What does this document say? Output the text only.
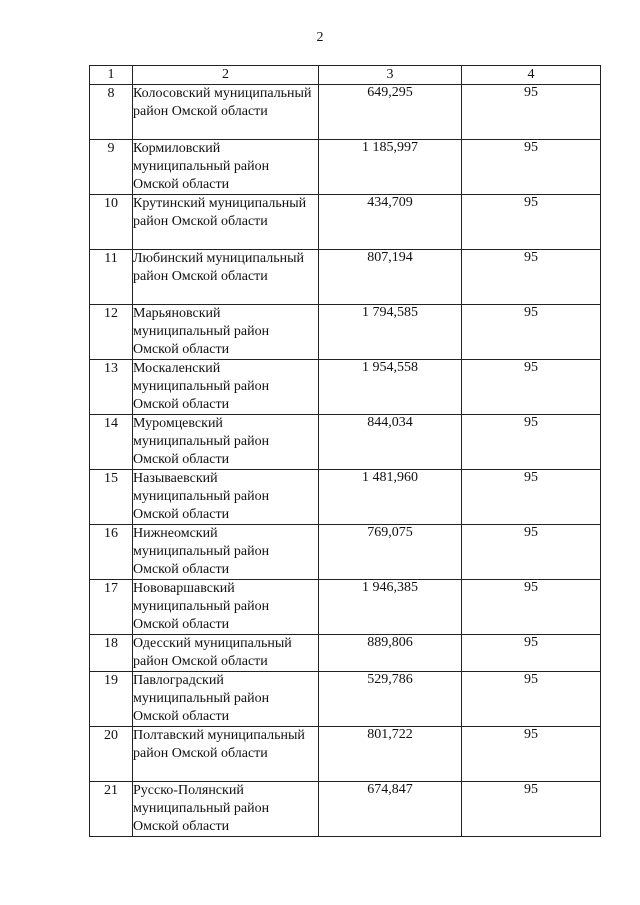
2
1	2	3	4
8	Колосовский муниципальный район Омской области	649,295	95
9	Кормиловский муниципальный район Омской области	1 185,997	95
10	Крутинский муниципальный район Омской области	434,709	95
11	Любинский муниципальный район Омской области	807,194	95
12	Марьяновский муниципальный район Омской области	1 794,585	95
13	Москаленский муниципальный район Омской области	1 954,558	95
14	Муромцевский муниципальный район Омской области	844,034	95
15	Называевский муниципальный район Омской области	1 481,960	95
16	Нижнеомский муниципальный район Омской области	769,075	95
17	Нововаршавский муниципальный район Омской области	1 946,385	95
18	Одесский муниципальный район Омской области	889,806	95
19	Павлоградский муниципальный район Омской области	529,786	95
20	Полтавский муниципальный район Омской области	801,722	95
21	Русско-Полянский муниципальный район Омской области	674,847	95
